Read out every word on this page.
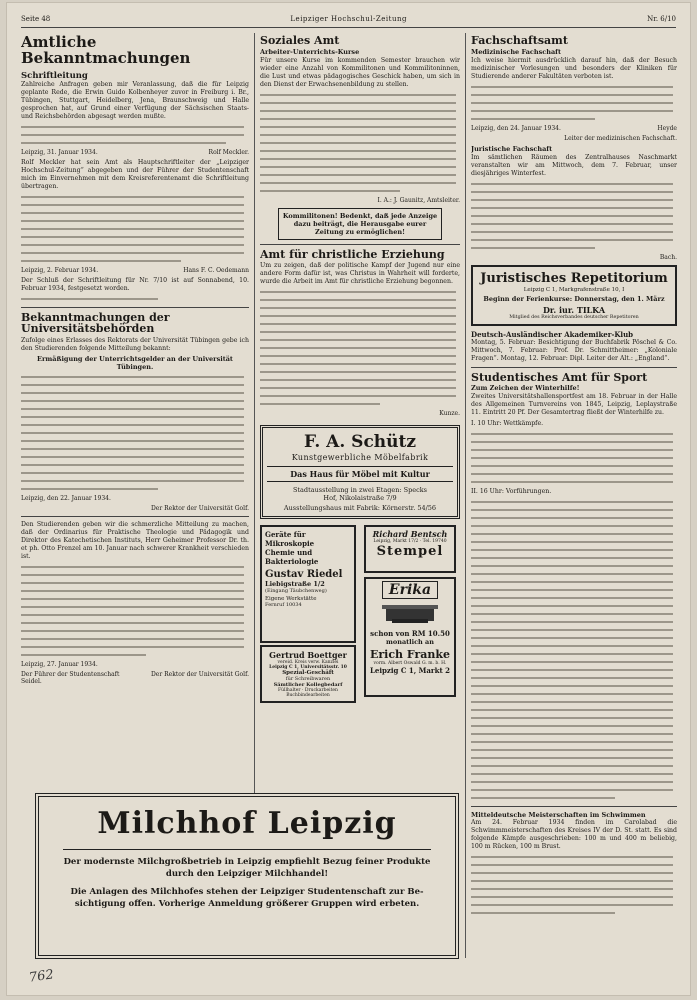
Seite 48	Leipziger Hochschul-Zeitung	Nr. 6/10
Amtliche Bekanntmachungen
Schriftleitung
Zahlreiche Anfragen geben mir Veranlassung, daß die für Leipzig geplante Rede, die Erwin Guido Kolbenheyer zuvor in Freiburg i. Br., Tübingen, Stuttgart, Heidelberg, Jena, Braunschweig und Halle gesprochen hat, auf Grund einer Verfügung der Sächsischen Staats- und Reichsbehörden abgesagt werden mußte.
Leipzig, 31. Januar 1934.	Rolf Meckler.
Rolf Meckler hat sein Amt als Hauptschriftleiter der „Leipziger Hochschul-Zeitung“ abgegeben und der Führer der Studentenschaft mich im Einvernehmen mit dem Kreisreferentenamt die Schriftleitung übertragen.
Leipzig, 2. Februar 1934.	Hans F. C. Oedemann
Der Schluß der Schriftleitung für Nr. 7/10 ist auf Sonnabend, 10. Februar 1934, festgesetzt worden.
Bekanntmachungen der Universitätsbehörden
Zufolge eines Erlasses des Rektorats der Universität Tübingen gebe ich den Studierenden folgende Mitteilung bekannt:
Ermäßigung der Unterrichtsgelder an der Universität Tübingen.
Leipzig, den 22. Januar 1934.
Der Rektor der Universität Golf.
Den Studierenden geben wir die schmerzliche Mitteilung zu machen, daß der Ordinarius für Praktische Theologie und Pädagogik und Direktor des Katechetischen Instituts, Herr Geheimer Professor Dr. th. et ph. Otto Frenzel am 10. Januar nach schwerer Krankheit verschieden ist.
Leipzig, 27. Januar 1934.
Der Führer der Studentenschaft Seidel.
Der Rektor der Universität Golf.
Soziales Amt
Arbeiter-Unterrichts-Kurse
Für unsere Kurse im kommenden Semester brauchen wir wieder eine Anzahl von Kommilitonen und Kommilitoninnen, die Lust und etwas pädagogisches Geschick haben, um sich in den Dienst der Erwachsenenbildung zu stellen.
I. A.: J. Gaunitz, Amtsleiter.
Kommilitonen! Bedenkt, daß jede Anzeige dazu beiträgt, die Herausgabe eurer Zeitung zu ermöglichen!
Amt für christliche Erziehung
Um zu zeigen, daß der politische Kampf der Jugend nur eine andere Form dafür ist, was Christus in Wahrheit will forderte, wurde die Arbeit im Amt für christliche Erziehung begonnen.
Kunze.
F. A. Schütz
Kunstgewerbliche Möbelfabrik
Das Haus für Möbel mit Kultur
Stadtausstellung in zwei Etagen: Specks Hof, Nikolaistraße 7/9
Ausstellungshaus mit Fabrik: Körnerstr. 54/56
Geräte für
Mikroskopie
Chemie und
Bakteriologie
Gustav Riedel
Liebigstraße 1/2
(Eingang Täubchenweg)
Eigene Werkstätte
Fernruf 10034
Richard Bentsch
Leipzig, Markt 17/2 · Tel. 19740
Stempel
Erika
schon von RM 10.50
monatlich an
Erich Franke
vorm. Albert Oswald G. m. b. H.
Leipzig C 1, Markt 2
Gertrud Boettger
vereid. Kreis verw. Kanzlei
Leipzig C 1, Universitätsstr. 10
Spezial-Geschäft
für Schreibwaren
Sämtlicher Kollegbedarf
Füllhalter · Druckarbeiten
Buchbindearbeiten
Fachschaftsamt
Medizinische Fachschaft
Ich weise hiermit ausdrücklich darauf hin, daß der Besuch medizinischer Vorlesungen und besonders der Kliniken für Studierende anderer Fakultäten verboten ist.
Leipzig, den 24. Januar 1934.	Heyde
Leiter der medizinischen Fachschaft.
Juristische Fachschaft
Im sämtlichen Räumen des Zentralhauses Naschmarkt veranstalten wir am Mittwoch, dem 7. Februar, unser diesjähriges Winterfest.
Bach.
Juristisches Repetitorium
Leipzig C 1, Markgrafenstraße 10, I
Beginn der Ferienkurse: Donnerstag, den 1. März
Dr. iur. TILKA
Mitglied des Reichsverbandes deutscher Repetitoren
Deutsch-Ausländischer Akademiker-Klub
Montag, 5. Februar: Besichtigung der Buchfabrik Pöschel & Co. Mittwoch, 7. Februar: Prof. Dr. Schmittheimer: „Koloniale Fragen“. Montag, 12. Februar: Dipl. Leiter der Alt.: „England“.
Studentisches Amt für Sport
Zum Zeichen der Winterhilfe!
Zweites Universitätshallensportfest am 18. Februar in der Halle des Allgemeinen Turnvereins von 1845, Leipzig, Leplaystraße 11. Eintritt 20 Pf. Der Gesamtertrag fließt der Winterhilfe zu.
I. 10 Uhr: Wettkämpfe.
II. 16 Uhr: Vorführungen.
Mitteldeutsche Meisterschaften im Schwimmen
Am 24. Februar 1934 finden im Carolabad die Schwimmmeisterschaften des Kreises IV der D. St. statt. Es sind folgende Kämpfe ausgeschrieben: 100 m und 400 m beliebig, 100 m Rücken, 100 m Brust.
Milchhof Leipzig
Der modernste Milchgroßbetrieb in Leipzig empfiehlt Bezug feiner Produkte
durch den Leipziger Milchhandel!
Die Anlagen des Milchhofes stehen der Leipziger Studentenschaft zur Be-
sichtigung offen. Vorherige Anmeldung größerer Gruppen wird erbeten.
762
